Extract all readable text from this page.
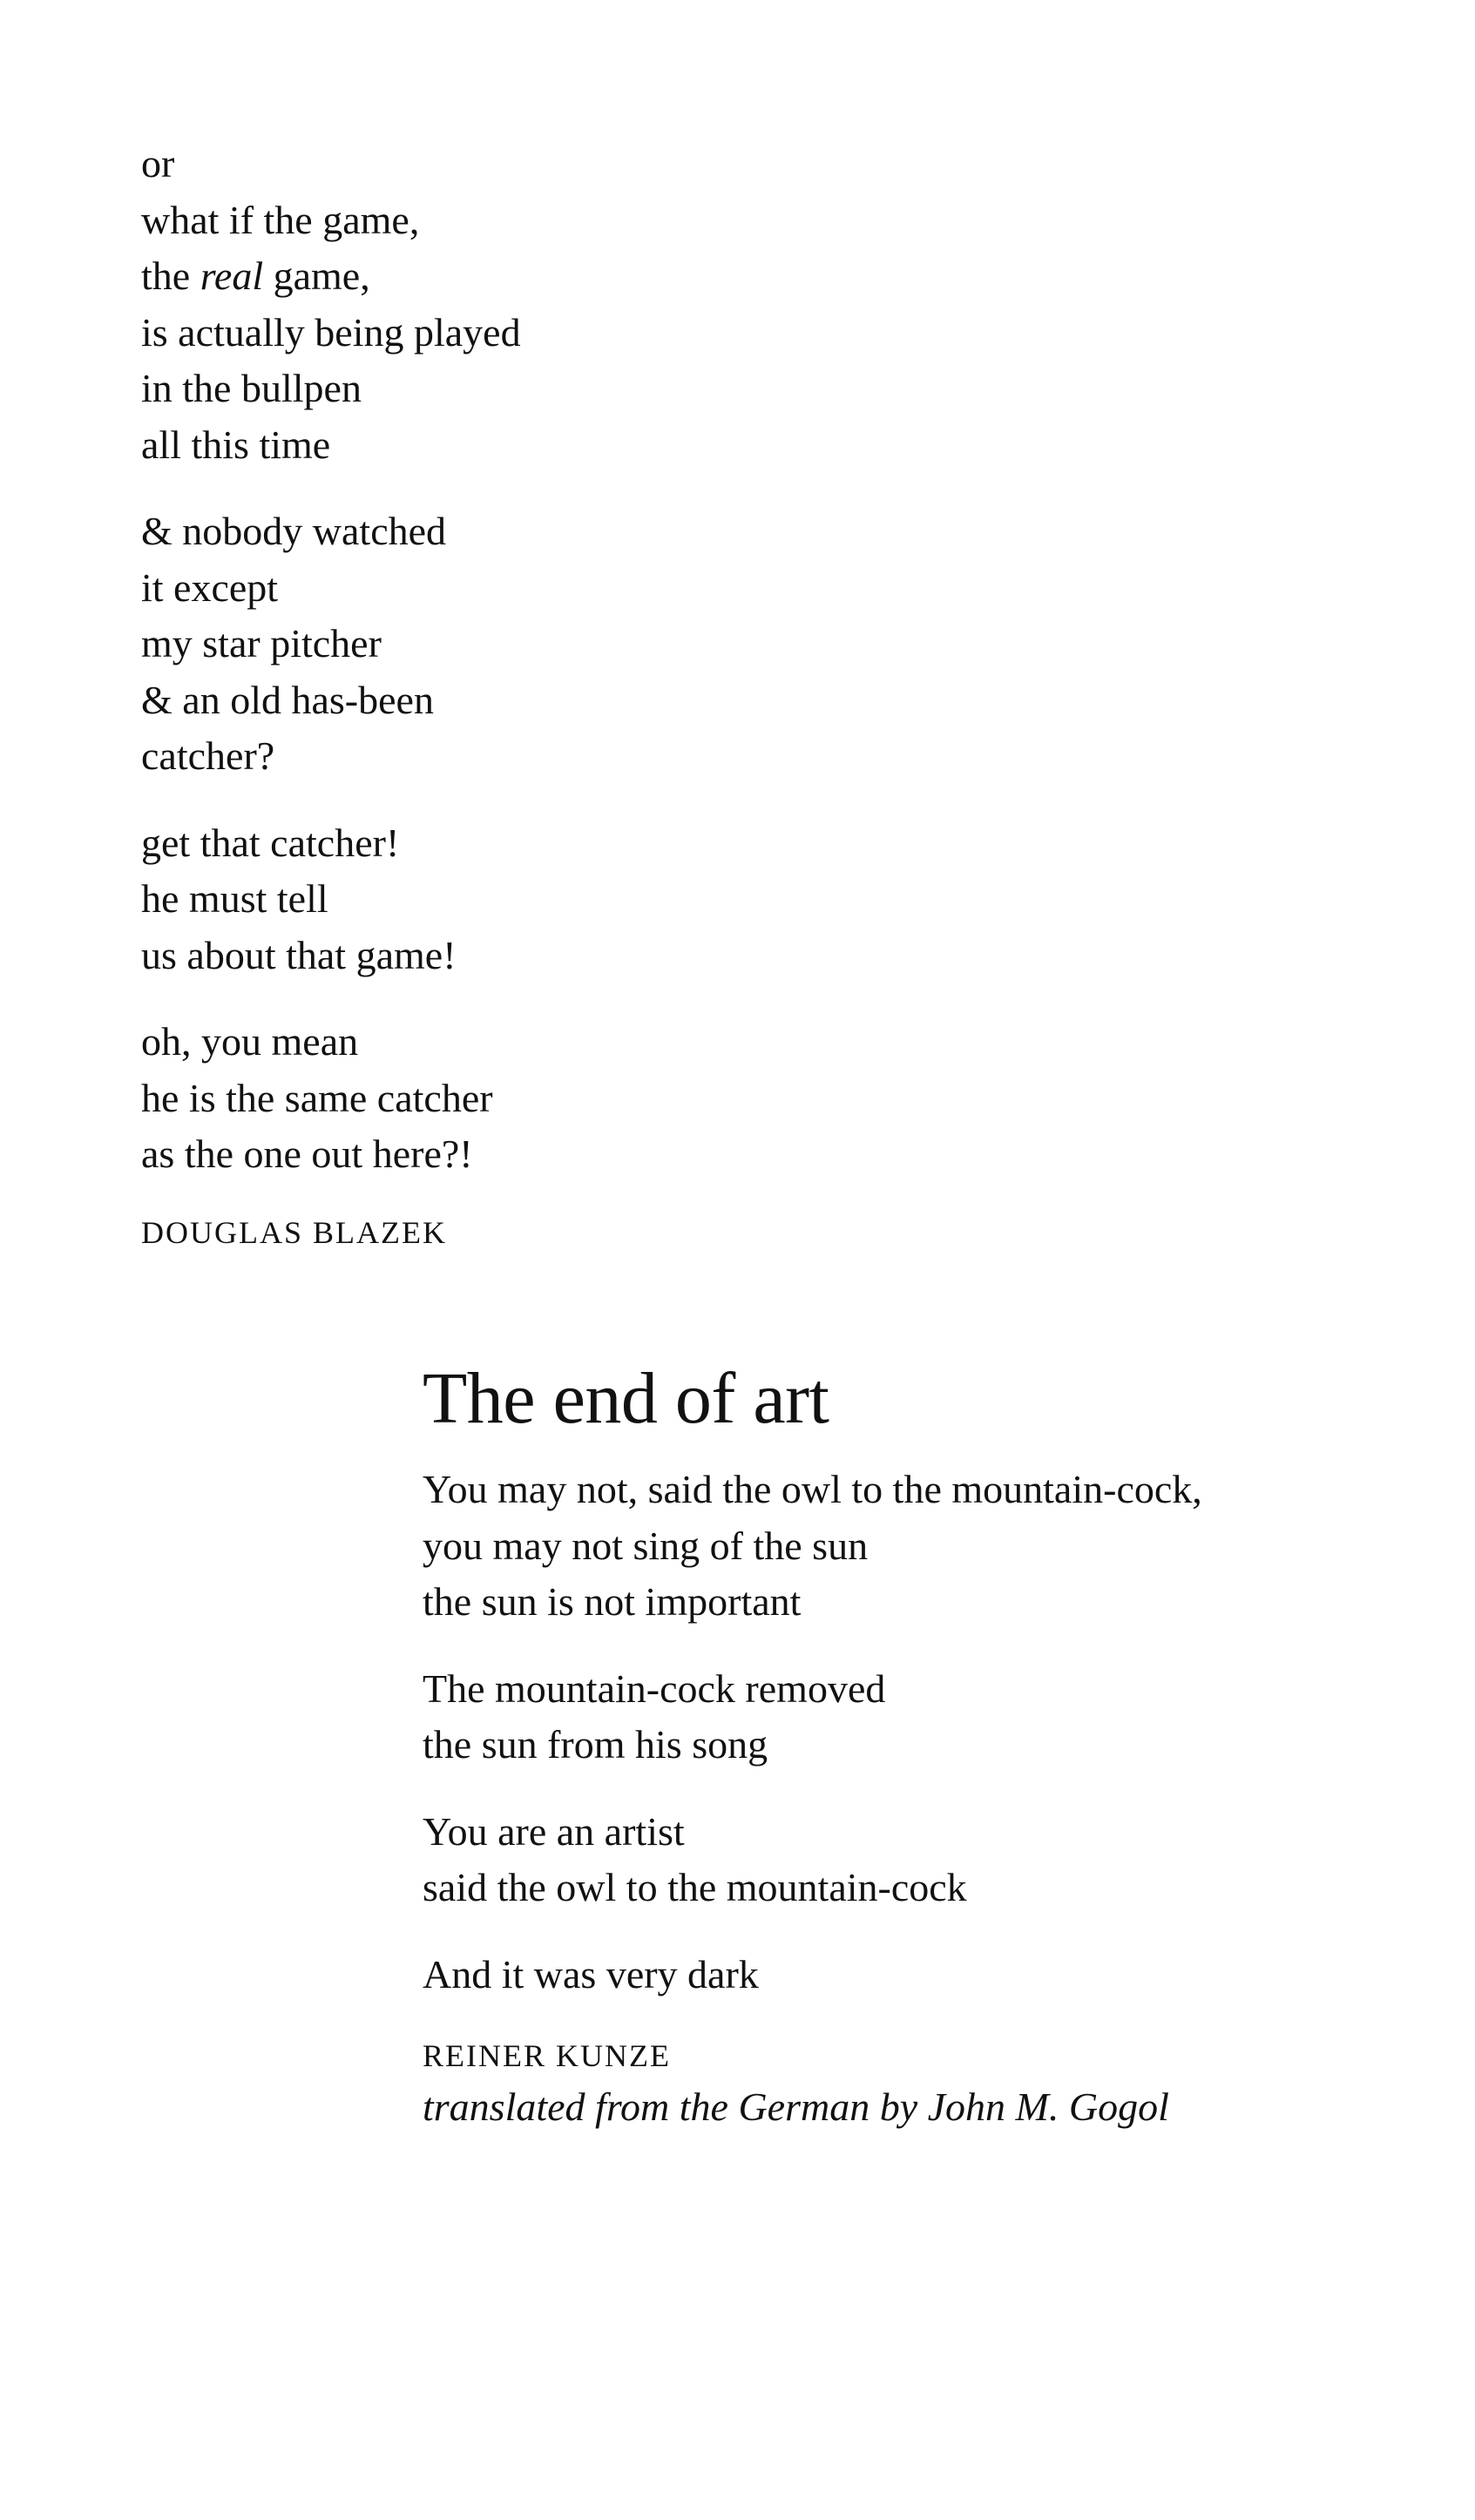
or
what if the game,
the real game,
is actually being played
in the bullpen
all this time
& nobody watched
it except
my star pitcher
& an old has-been
catcher?
get that catcher!
he must tell
us about that game!
oh, you mean
he is the same catcher
as the one out here?!
DOUGLAS BLAZEK
The end of art
You may not, said the owl to the mountain-cock,
you may not sing of the sun
the sun is not important
The mountain-cock removed
the sun from his song
You are an artist
said the owl to the mountain-cock
And it was very dark
REINER KUNZE
translated from the German by John M. Gogol
